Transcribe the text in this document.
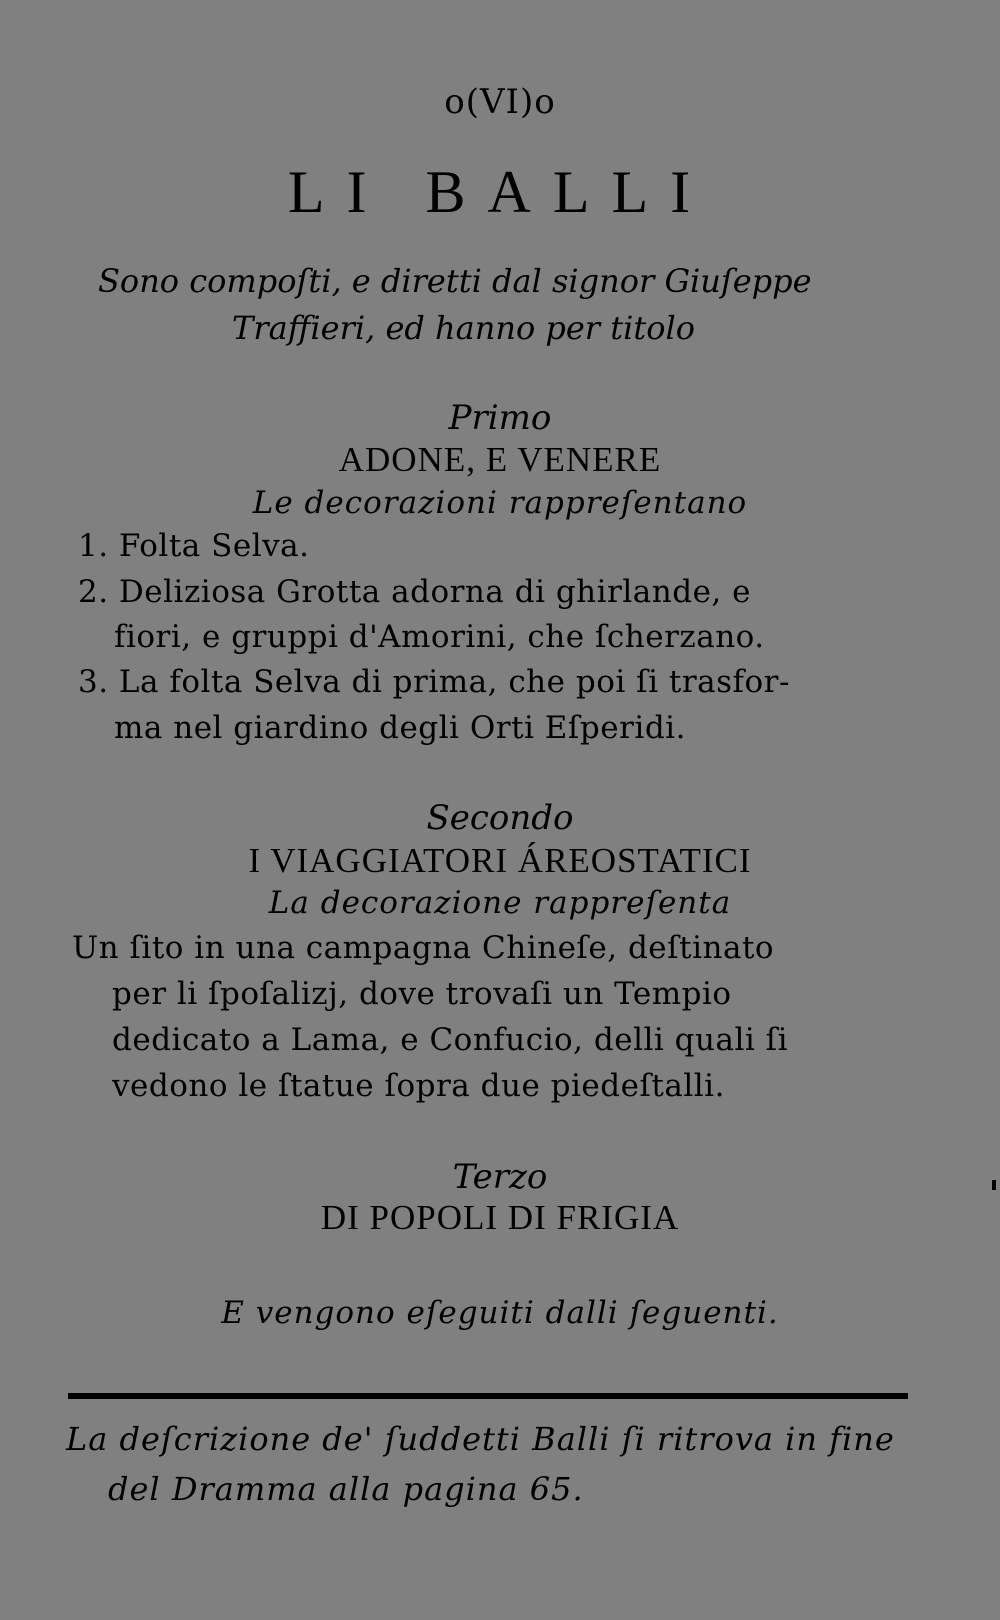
o(VI)o
LI BALLI
Sono compoſti, e diretti dal signor Giuſeppe
Traffieri, ed hanno per titolo
Primo
ADONE, E VENERE
Le decorazioni rappreſentano
1. Folta Selva.
2. Deliziosa Grotta adorna di ghirlande, e
fiori, e gruppi d'Amorini, che ſcherzano.
3. La folta Selva di prima, che poi ſi trasfor-
ma nel giardino degli Orti Eſperidi.
Secondo
I VIAGGIATORI ÁREOSTATICI
La decorazione rappreſenta
Un ſito in una campagna Chineſe, deſtinato
per li ſpoſalizj, dove trovaſi un Tempio
dedicato a Lama, e Confucio, delli quali ſi
vedono le ſtatue ſopra due piedeſtalli.
Terzo
DI POPOLI DI FRIGIA
E vengono eſeguiti dalli ſeguenti.
La deſcrizione de' ſuddetti Balli ſi ritrova in fine
del Dramma alla pagina 65.
